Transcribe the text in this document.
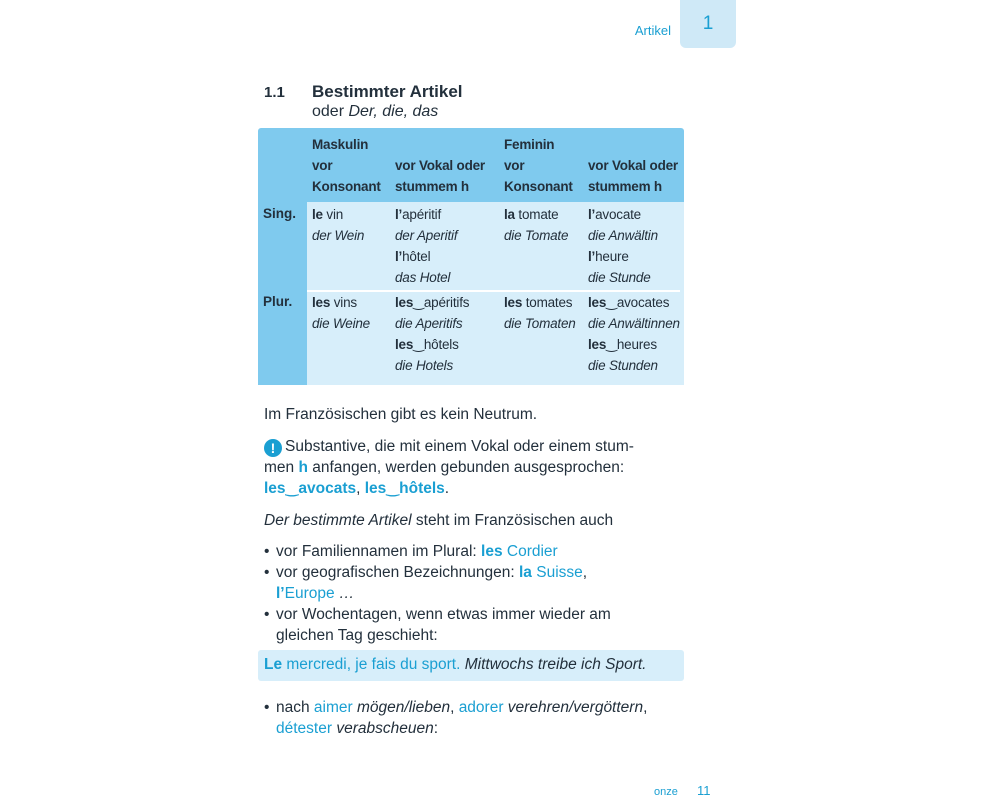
Artikel 1
1.1 Bestimmter Artikel
oder Der, die, das
Maskulin
vor
Konsonant
vor Vokal oder
stummem h
Feminin
vor
Konsonant
vor Vokal oder
stummem h
Sing. le vin
der Wein
l’apéritif
der Aperitif
l’hôtel
das Hotel
la tomate
die Tomate
l’avocate
die Anwältin
l’heure
die Stunde
Plur. les vins
die Weine
les‿apéritifs
die Aperitifs
les‿hôtels
die Hotels
les tomates
die Tomaten
les‿avocates
die Anwältinnen
les‿heures
die Stunden
Im Französischen gibt es kein Neutrum.
! Substantive, die mit einem Vokal oder einem stum-
men h anfangen, werden gebunden ausgesprochen:
les‿avocats, les‿hôtels.
Der bestimmte Artikel steht im Französischen auch
• vor Familiennamen im Plural: les Cordier
• vor geografischen Bezeichnungen: la Suisse,
l’Europe …
• vor Wochentagen, wenn etwas immer wieder am
gleichen Tag geschieht:
Le mercredi, je fais du sport. Mittwochs treibe ich Sport.
• nach aimer mögen/lieben, adorer verehren/vergöttern,
détester verabscheuen:
onze 11
